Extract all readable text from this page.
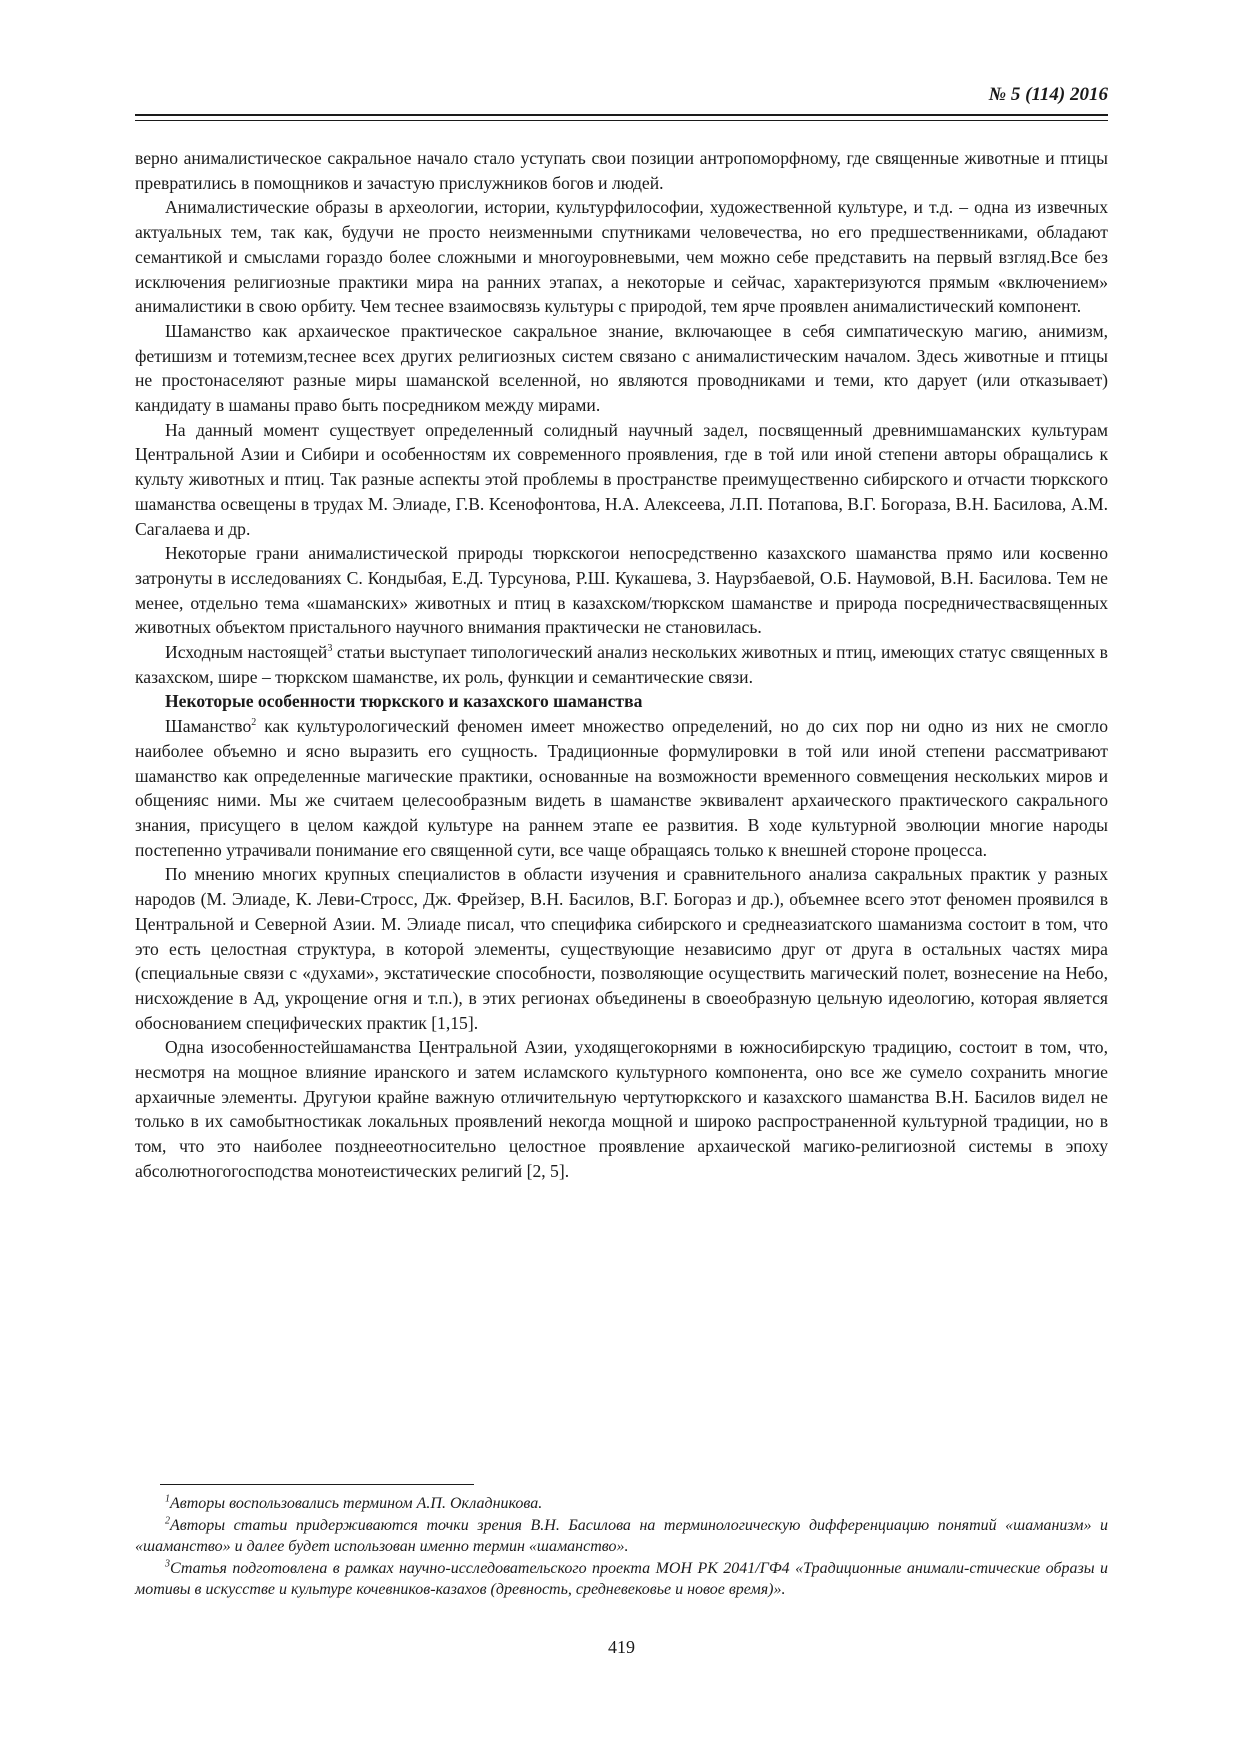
№ 5 (114) 2016

верно анималистическое сакральное начало стало уступать свои позиции антропоморфному, где священные животные и птицы превратились в помощников и зачастую прислужников богов и людей.

Анималистические образы в археологии, истории, культурфилософии, художественной культуре, и т.д. – одна из извечных актуальных тем, так как, будучи не просто неизменными спутниками человечества, но его предшественниками, обладают семантикой и смыслами гораздо более сложными и многоуровневыми, чем можно себе представить на первый взгляд.Все без исключения религиозные практики мира на ранних этапах, а некоторые и сейчас, характеризуются прямым «включением» анималистики в свою орбиту. Чем теснее взаимосвязь культуры с природой, тем ярче проявлен анималистический компонент.

Шаманство как архаическое практическое сакральное знание, включающее в себя симпатическую магию, анимизм, фетишизм и тотемизм,теснее всех других религиозных систем связано с анималистическим началом. Здесь животные и птицы не простонаселяют разные миры шаманской вселенной, но являются проводниками и теми, кто дарует (или отказывает) кандидату в шаманы право быть посредником между мирами.

На данный момент существует определенный солидный научный задел, посвященный древнимшаманских культурам Центральной Азии и Сибири и особенностям их современного проявления, где в той или иной степени авторы обращались к культу животных и птиц. Так разные аспекты этой проблемы в пространстве преимущественно сибирского и отчасти тюркского шаманства освещены в трудах М. Элиаде, Г.В. Ксенофонтова, Н.А. Алексеева, Л.П. Потапова, В.Г. Богораза, В.Н. Басилова, А.М. Сагалаева и др.

Некоторые грани анималистической природы тюркскогои непосредственно казахского шаманства прямо или косвенно затронуты в исследованиях С. Кондыбая, Е.Д. Турсунова, Р.Ш. Кукашева, З. Наурзбаевой, О.Б. Наумовой, В.Н. Басилова. Тем не менее, отдельно тема «шаманских» животных и птиц в казахском/тюркском шаманстве и природа посредничествасвященных животных объектом пристального научного внимания практически не становилась.

Исходным настоящей$^3$ статьи выступает типологический анализ нескольких животных и птиц, имеющих статус священных в казахском, шире – тюркском шаманстве, их роль, функции и семантические связи.

Некоторые особенности тюркского и казахского шаманства

Шаманство$^2$ как культурологический феномен имеет множество определений, но до сих пор ни одно из них не смогло наиболее объемно и ясно выразить его сущность. Традиционные формулировки в той или иной степени рассматривают шаманство как определенные магические практики, основанные на возможности временного совмещения нескольких миров и общенияс ними. Мы же считаем целесообразным видеть в шаманстве эквивалент архаического практического сакрального знания, присущего в целом каждой культуре на раннем этапе ее развития. В ходе культурной эволюции многие народы постепенно утрачивали понимание его священной сути, все чаще обращаясь только к внешней стороне процесса.

По мнению многих крупных специалистов в области изучения и сравнительного анализа сакральных практик у разных народов (М. Элиаде, К. Леви-Стросс, Дж. Фрейзер, В.Н. Басилов, В.Г. Богораз и др.), объемнее всего этот феномен проявился в Центральной и Северной Азии. М. Элиаде писал, что специфика сибирского и среднеазиатского шаманизма состоит в том, что это есть целостная структура, в которой элементы, существующие независимо друг от друга в остальных частях мира (специальные связи с «духами», экстатические способности, позволяющие осуществить магический полет, вознесение на Небо, нисхождение в Ад, укрощение огня и т.п.), в этих регионах объединены в своеобразную цельную идеологию, которая является обоснованием специфических практик [1,15].

Одна изособенностейшаманства Центральной Азии, уходящегокорнями в южносибирскую традицию, состоит в том, что, несмотря на мощное влияние иранского и затем исламского культурного компонента, оно все же сумело сохранить многие архаичные элементы. Другуюи крайне важную отличительную чертутюркского и казахского шаманства В.Н. Басилов видел не только в их самобытностикак локальных проявлений некогда мощной и широко распространенной культурной традиции, но в том, что это наиболее позднееотносительно целостное проявление архаической магико-религиозной системы в эпоху абсолютногогосподства монотеистических религий [2, 5].

$^1$Авторы воспользовались термином А.П. Окладникова.

$^2$Авторы статьи придерживаются точки зрения В.Н. Басилова на терминологическую дифференциацию понятий «шаманизм» и «шаманство» и далее будет использован именно термин «шаманство».

$^3$Статья подготовлена в рамках научно-исследовательского проекта МОН РК 2041/ГФ4 «Традиционные анимали-стические образы и мотивы в искусстве и культуре кочевников-казахов (древность, средневековье и новое время)».

419
